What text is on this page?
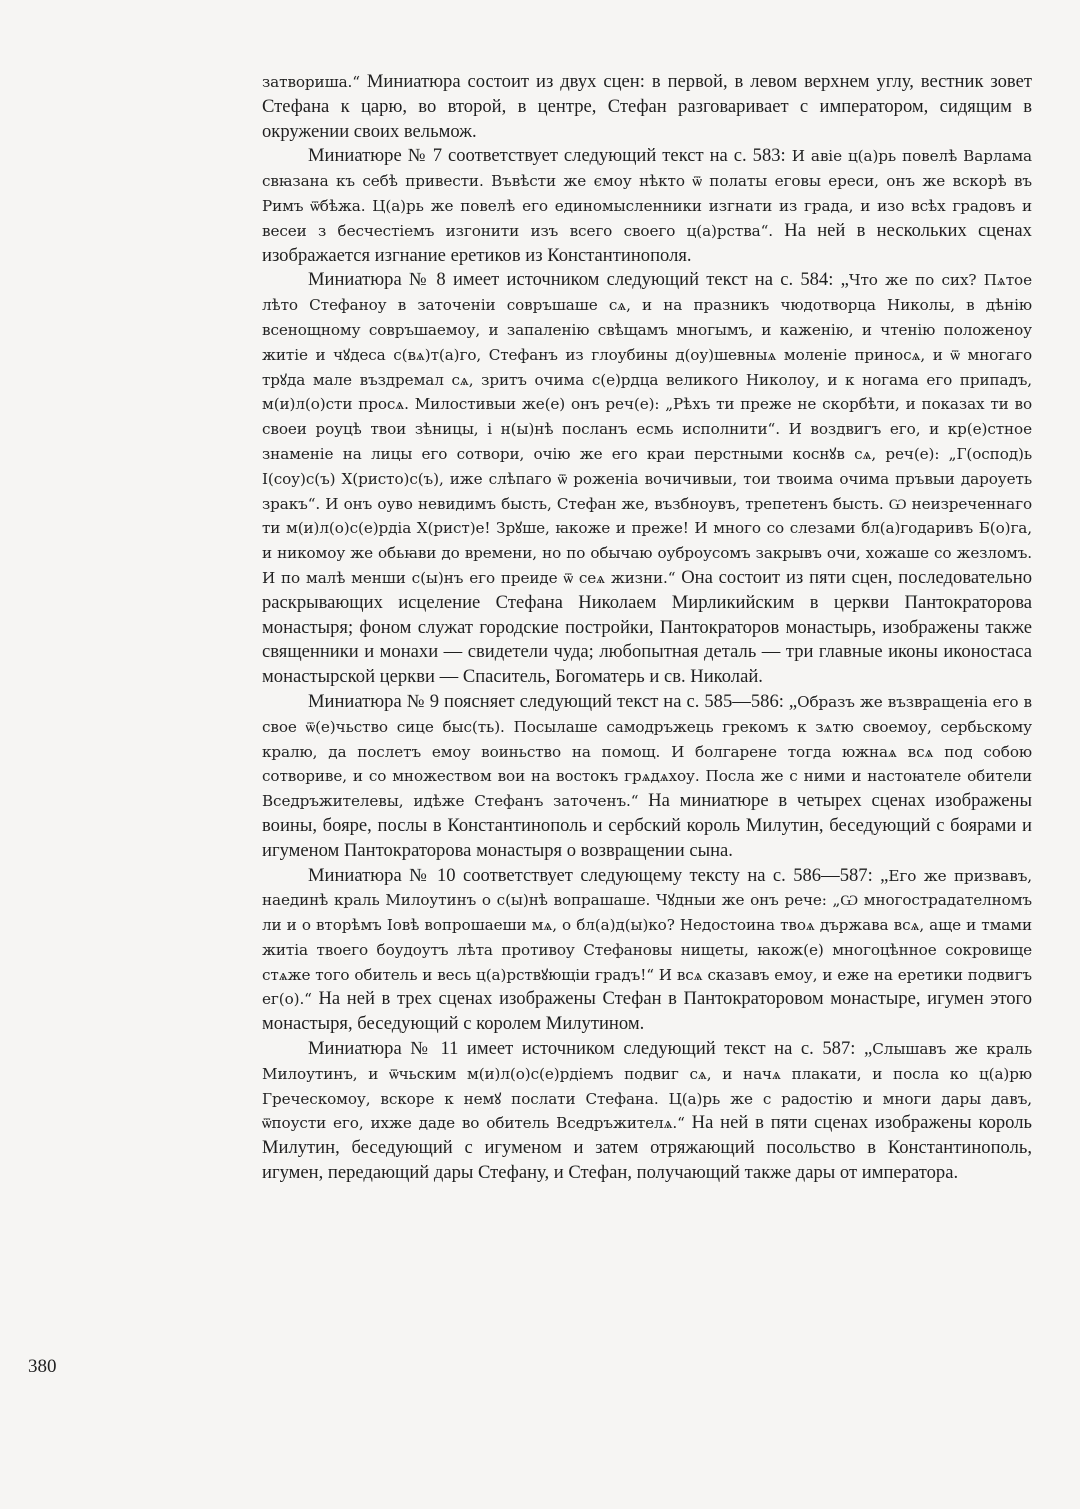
затвориша.“ Миниатюра состоит из двух сцен: в первой, в левом верхнем углу, вестник зовет Стефана к царю, во второй, в центре, Стефан разговаривает с императором, сидящим в окружении своих вельмож.

Миниатюре № 7 соответствует следующий текст на с. 583: И авіе ц(а)рь повелѣ Варлама свꙗзана къ себѣ привести. Въвѣсти же ємоу нѣкто ѿ полаты еговы ереси, онъ же вскорѣ въ Римъ ѿбѣжа. Ц(а)рь же повелѣ его единомысленники изгнати из града, и изо всѣх градовъ и весеи з бесчестіемъ изгонити изъ всего своего ц(а)рства“. На ней в нескольких сценах изображается изгнание еретиков из Константинополя.

Миниатюра № 8 имеет источником следующий текст на с. 584: „Что же по сих? Пѧтое лѣто Стефаноу в заточеніи совръшаше сѧ, и на празникъ чюдотворца Николы, в дѣнію всенощному совръшаемоу, и запаленію свѣщамъ многымъ, и каженію, и чтенію положеноу житіе и чꙋдеса с(вѧ)т(а)го, Стефанъ из глоубины д(оу)шевныѧ моленіе приносѧ, и ѿ многаго трꙋда мале въздремал сѧ, зритъ очима с(е)рдца великого Николоу, и к ногама его припадъ, м(и)л(о)сти просѧ. Милостивыи же(е) онъ реч(е): „Рѣхъ ти преже не скорбѣти, и показах ти во своеи роуцѣ твои зѣницы, і н(ы)нѣ посланъ есмь исполнити“. И воздвигъ его, и кр(е)стное знаменіе на лицы его сотвори, очію же его краи перстными коснꙋв сѧ, реч(е): „Г(оспод)ь І(соу)с(ъ) Х(ристо)с(ъ), иже слѣпаго ѿ роженіа вочичивыи, тои твоима очима пръвыи дароуеть зракъ“. И онъ оуво невидимъ бысть, Стефан же, възбноувъ, трепетенъ бысть. Ѡ неизреченнаго ти м(и)л(о)с(е)рдіа Х(рист)е! Зрꙋше, ꙗкоже и преже! И много со слезами бл(а)годаривъ Б(о)га, и никомоу же обьꙗви до времени, но по обычаю оуброусомъ закрывъ очи, хожаше со жезломъ. И по малѣ менши с(ы)нъ его преиде ѿ сеѧ жизни.“ Она состоит из пяти сцен, последовательно раскрывающих исцеление Стефана Николаем Мирликийским в церкви Пантократорова монастыря; фоном служат городские постройки, Пантократоров монастырь, изображены также священники и монахи — свидетели чуда; любопытная деталь — три главные иконы иконостаса монастырской церкви — Спаситель, Богоматерь и св. Николай.

Миниатюра № 9 поясняет следующий текст на с. 585—586: „Образъ же възвращеніа его в свое ѿ(е)чьство сице быс(ть). Посылаше самодръжець грекомъ к зѧтю своемоу, сербьскому кралю, да послетъ емоу воиньство на помощ. И болгарене тогда южнаѧ всѧ под собою сотвориве, и со множеством вои на востокъ грѧдѧхоу. Посла же с ними и настоꙗтеле обители Вседръжителевы, идѣже Стефанъ заточенъ.“ На миниатюре в четырех сценах изображены воины, бояре, послы в Константинополь и сербский король Милутин, беседующий с боярами и игуменом Пантократорова монастыря о возвращении сына.

Миниатюра № 10 соответствует следующему тексту на с. 586—587: „Его же призвавъ, наединѣ краль Милоутинъ о с(ы)нѣ вопрашаше. Чꙋдныи же онъ рече: „Ѡ многострадателномъ ли и о вторѣмъ Іовѣ вопрошаеши мѧ, о бл(а)д(ы)ко? Недостоина твоѧ държава всѧ, аще и тмами житіа твоего боудоутъ лѣта противоу Стефановы нищеты, ꙗкож(е) многоцѣнное сокровище стѧже того обитель и весь ц(а)рствꙋющіи градъ!“ И всѧ сказавъ емоу, и еже на еретики подвигъ ег(о).“ На ней в трех сценах изображены Стефан в Пантократоровом монастыре, игумен этого монастыря, беседующий с королем Милутином.

Миниатюра № 11 имеет источником следующий текст на с. 587: „Слышавъ же краль Милоутинъ, и ѿчьским м(и)л(о)с(е)рдіемъ подвиг сѧ, и начѧ плакати, и посла ко ц(а)рю Греческомоу, вскоре к немꙋ послати Стефана. Ц(а)рь же с радостію и многи дары давъ, ѿпоусти его, ихже даде во обитель Вседръжителѧ.“ На ней в пяти сценах изображены король Милутин, беседующий с игуменом и затем отряжающий посольство в Константинополь, игумен, передающий дары Стефану, и Стефан, получающий также дары от императора.

380
